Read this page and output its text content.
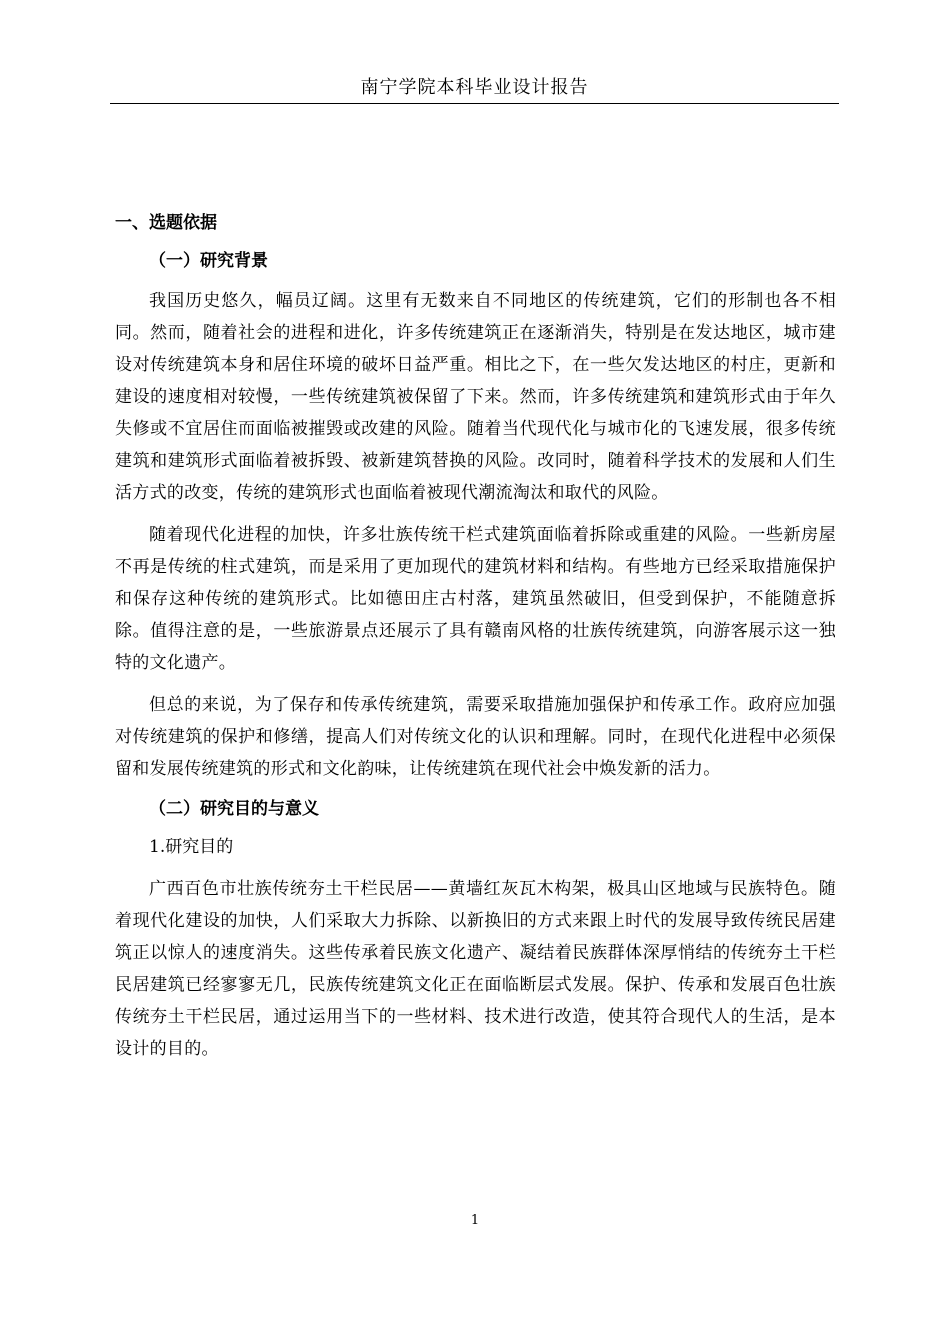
南宁学院本科毕业设计报告
一、选题依据
（一）研究背景

我国历史悠久，幅员辽阔。这里有无数来自不同地区的传统建筑，它们的形制也各不相同。然而，随着社会的进程和进化，许多传统建筑正在逐渐消失，特别是在发达地区，城市建设对传统建筑本身和居住环境的破坏日益严重。相比之下，在一些欠发达地区的村庄，更新和建设的速度相对较慢，一些传统建筑被保留了下来。然而，许多传统建筑和建筑形式由于年久失修或不宜居住而面临被摧毁或改建的风险。随着当代现代化与城市化的飞速发展，很多传统建筑和建筑形式面临着被拆毁、被新建筑替换的风险。改同时，随着科学技术的发展和人们生活方式的改变，传统的建筑形式也面临着被现代潮流淘汰和取代的风险。

随着现代化进程的加快，许多壮族传统干栏式建筑面临着拆除或重建的风险。一些新房屋不再是传统的柱式建筑，而是采用了更加现代的建筑材料和结构。有些地方已经采取措施保护和保存这种传统的建筑形式。比如德田庄古村落，建筑虽然破旧，但受到保护，不能随意拆除。值得注意的是，一些旅游景点还展示了具有赣南风格的壮族传统建筑，向游客展示这一独特的文化遗产。

但总的来说，为了保存和传承传统建筑，需要采取措施加强保护和传承工作。政府应加强对传统建筑的保护和修缮，提高人们对传统文化的认识和理解。同时，在现代化进程中必须保留和发展传统建筑的形式和文化韵味，让传统建筑在现代社会中焕发新的活力。

（二）研究目的与意义
1.研究目的

广西百色市壮族传统夯土干栏民居——黄墙红灰瓦木构架，极具山区地域与民族特色。随着现代化建设的加快，人们采取大力拆除、以新换旧的方式来跟上时代的发展导致传统民居建筑正以惊人的速度消失。这些传承着民族文化遗产、凝结着民族群体深厚悄结的传统夯土干栏民居建筑已经寥寥无几，民族传统建筑文化正在面临断层式发展。保护、传承和发展百色壮族传统夯土干栏民居，通过运用当下的一些材料、技术进行改造，使其符合现代人的生活，是本设计的目的。

1
